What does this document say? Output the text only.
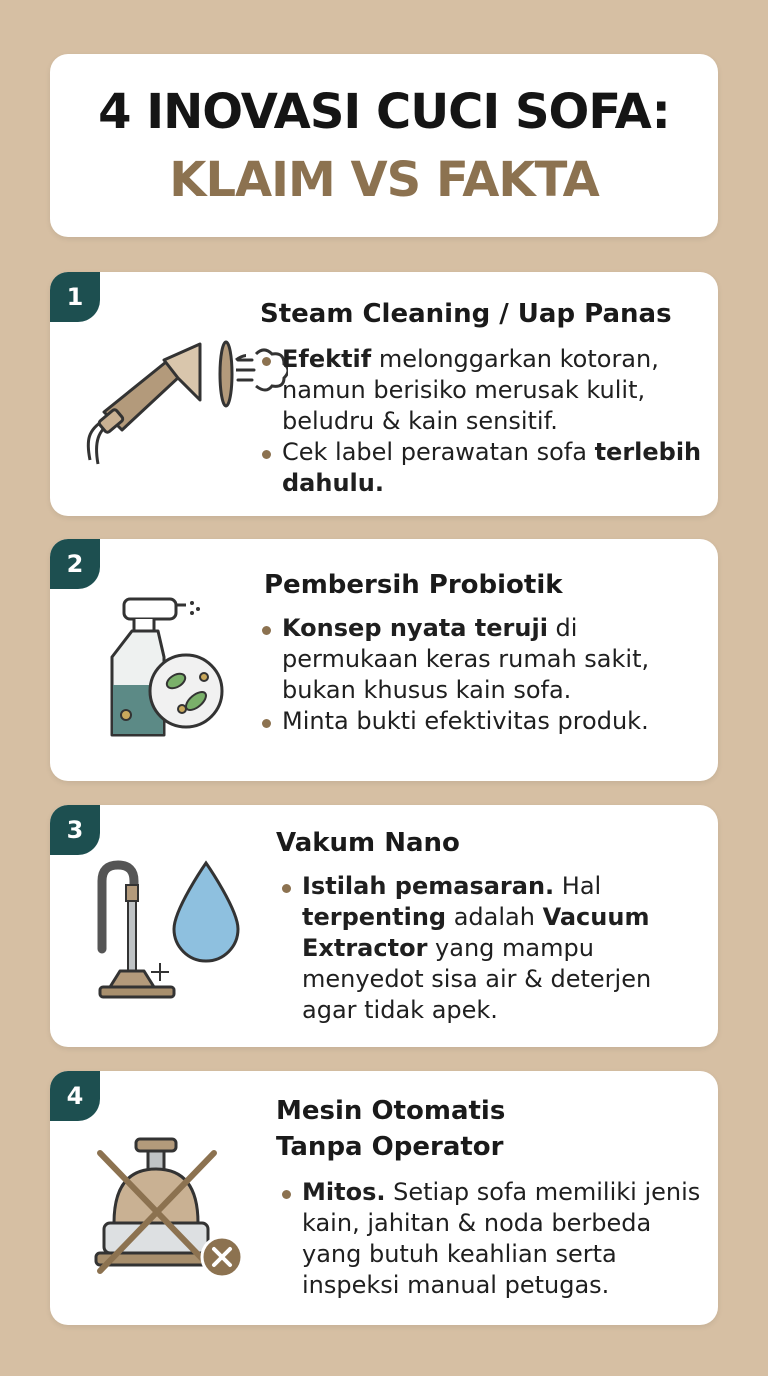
4 INOVASI CUCI SOFA:
KLAIM VS FAKTA
1
Steam Cleaning / Uap Panas
Efektif melonggarkan kotoran, namun berisiko merusak kulit, beludru & kain sensitif.
Cek label perawatan sofa terlebih dahulu.
2
Pembersih Probiotik
Konsep nyata teruji di permukaan keras rumah sakit, bukan khusus kain sofa.
Minta bukti efektivitas produk.
3	Vakum Nano
Istilah pemasaran. Hal terpenting adalah Vacuum Extractor yang mampu menyedot sisa air & deterjen agar tidak apek.
4	Mesin Otomatis Tanpa Operator
Mitos. Setiap sofa memiliki jenis kain, jahitan & noda berbeda yang butuh keahlian serta inspeksi manual petugas.
